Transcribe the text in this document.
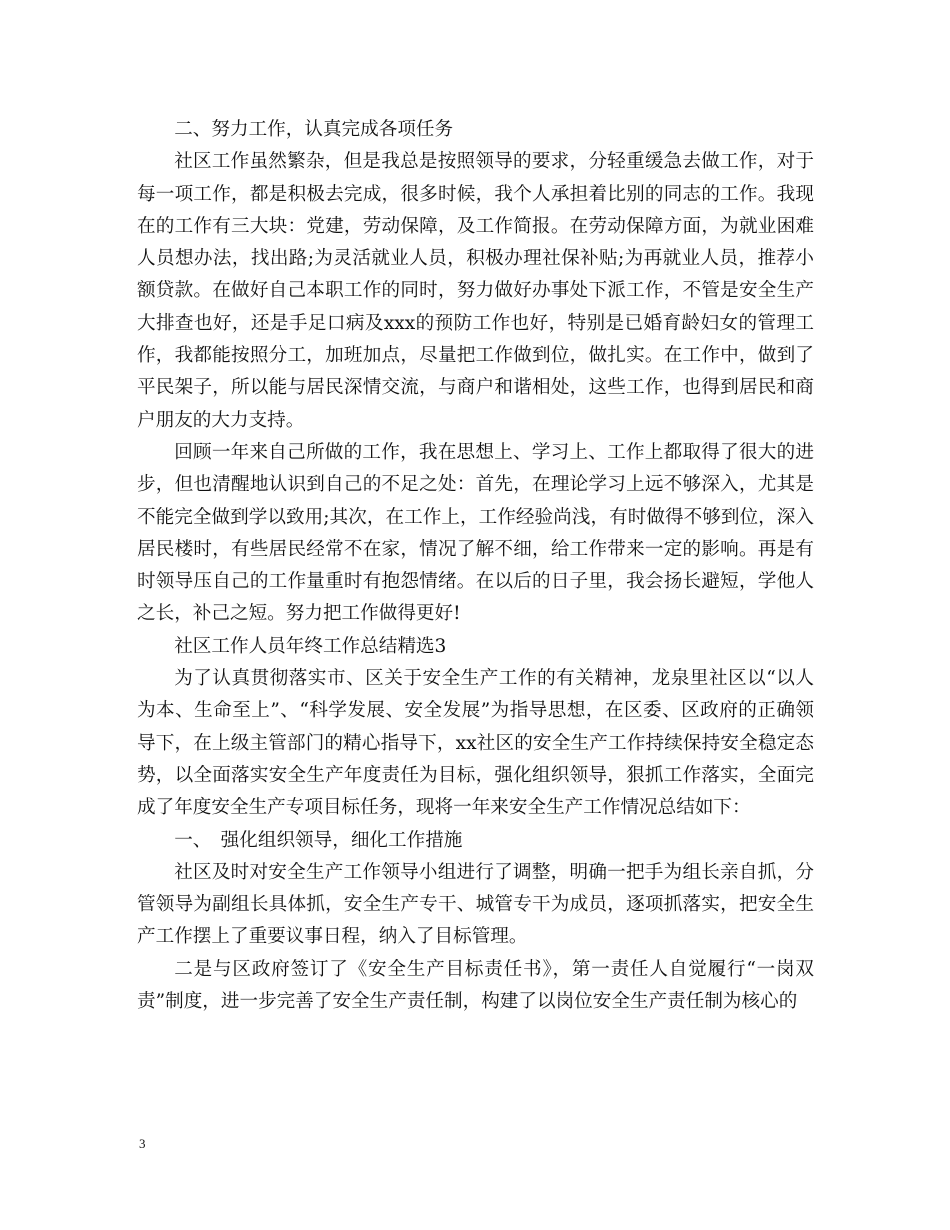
二、努力工作，认真完成各项任务

社区工作虽然繁杂，但是我总是按照领导的要求，分轻重缓急去做工作，对于每一项工作，都是积极去完成，很多时候，我个人承担着比别的同志的工作。我现在的工作有三大块：党建，劳动保障，及工作简报。在劳动保障方面，为就业困难人员想办法，找出路;为灵活就业人员，积极办理社保补贴;为再就业人员，推荐小额贷款。在做好自己本职工作的同时，努力做好办事处下派工作，不管是安全生产大排查也好，还是手足口病及xxx的预防工作也好，特别是已婚育龄妇女的管理工作，我都能按照分工，加班加点，尽量把工作做到位，做扎实。在工作中，做到了平民架子，所以能与居民深情交流，与商户和谐相处，这些工作，也得到居民和商户朋友的大力支持。

回顾一年来自己所做的工作，我在思想上、学习上、工作上都取得了很大的进步，但也清醒地认识到自己的不足之处：首先，在理论学习上远不够深入，尤其是不能完全做到学以致用;其次，在工作上，工作经验尚浅，有时做得不够到位，深入居民楼时，有些居民经常不在家，情况了解不细，给工作带来一定的影响。再是有时领导压自己的工作量重时有抱怨情绪。在以后的日子里，我会扬长避短，学他人之长，补己之短。努力把工作做得更好!

社区工作人员年终工作总结精选3

为了认真贯彻落实市、区关于安全生产工作的有关精神，龙泉里社区以“以人为本、生命至上”、“科学发展、安全发展”为指导思想，在区委、区政府的正确领导下，在上级主管部门的精心指导下，xx社区的安全生产工作持续保持安全稳定态势，以全面落实安全生产年度责任为目标，强化组织领导，狠抓工作落实，全面完成了年度安全生产专项目标任务，现将一年来安全生产工作情况总结如下：

一、　强化组织领导，细化工作措施

社区及时对安全生产工作领导小组进行了调整，明确一把手为组长亲自抓，分管领导为副组长具体抓，安全生产专干、城管专干为成员，逐项抓落实，把安全生产工作摆上了重要议事日程，纳入了目标管理。

二是与区政府签订了《安全生产目标责任书》，第一责任人自觉履行“一岗双责”制度，进一步完善了安全生产责任制，构建了以岗位安全生产责任制为核心的

3
